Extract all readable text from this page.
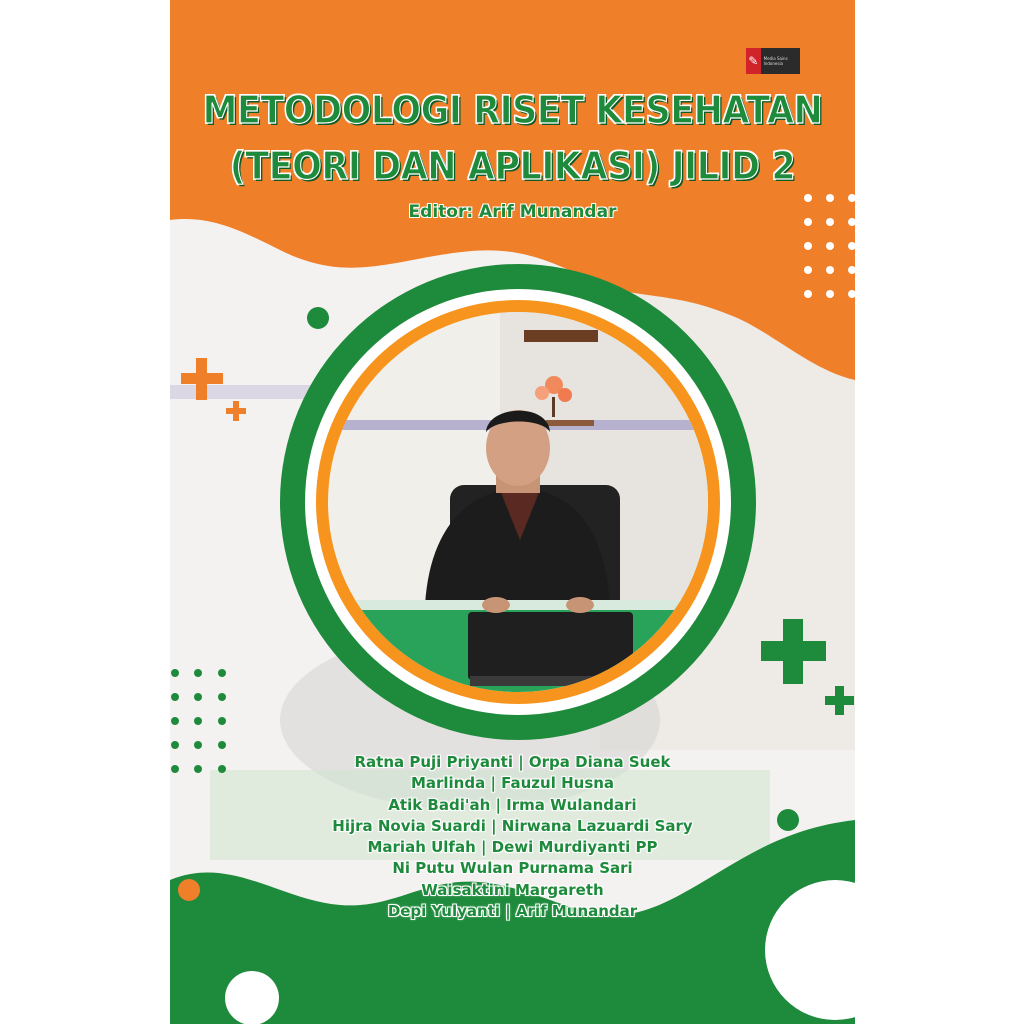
✎	Media Sains Indonesia
METODOLOGI RISET KESEHATAN
(TEORI DAN APLIKASI) JILID 2
Editor: Arif Munandar
Ratna Puji Priyanti | Orpa Diana Suek
Marlinda | Fauzul Husna
Atik Badi'ah | Irma Wulandari
Hijra Novia Suardi | Nirwana Lazuardi Sary
Mariah Ulfah | Dewi Murdiyanti PP
Ni Putu Wulan Purnama Sari
Waisaktini Margareth
Depi Yulyanti | Arif Munandar
